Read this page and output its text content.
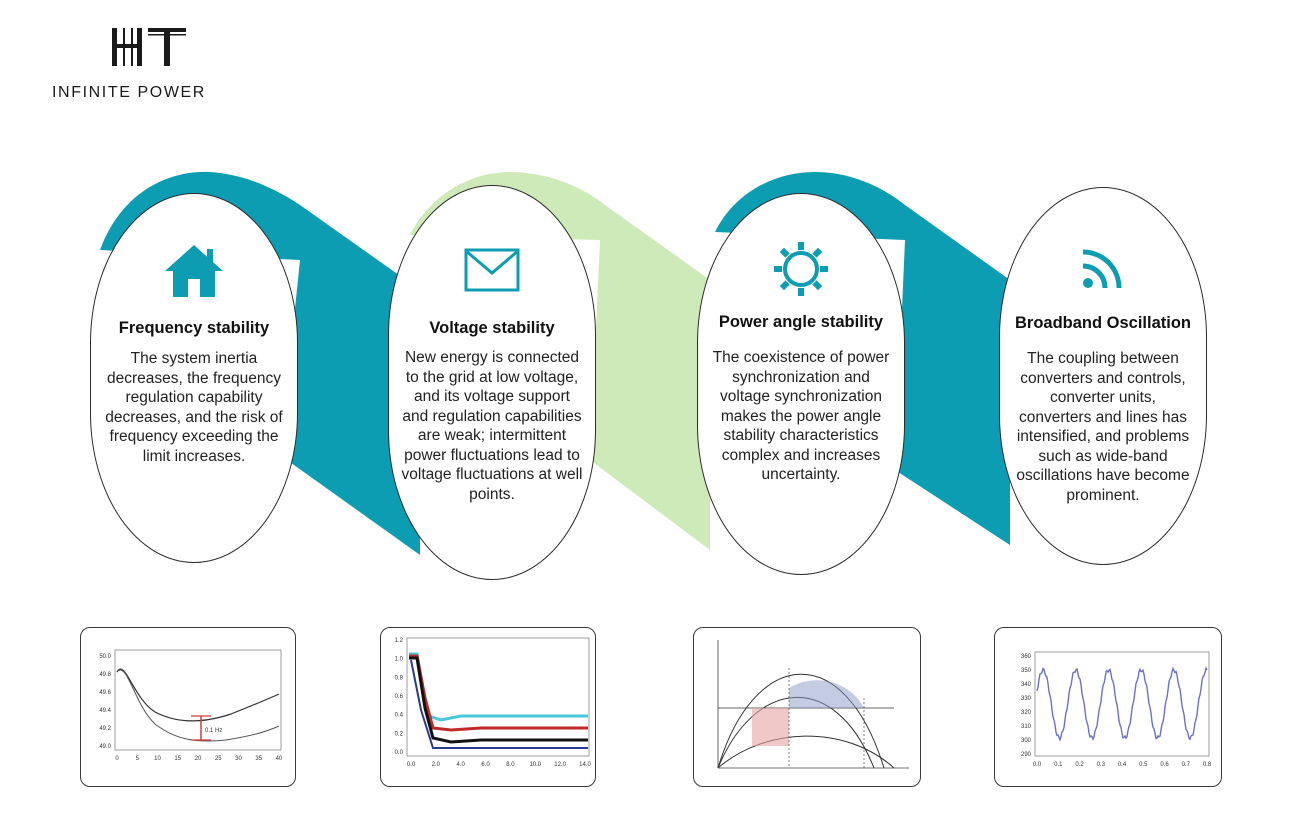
INFINITE POWER
Frequency stability
The system inertia decreases, the frequency regulation capability decreases, and the risk of frequency exceeding the limit increases.
Voltage stability
New energy is connected to the grid at low voltage, and its voltage support and regulation capabilities are weak; intermittent power fluctuations lead to voltage fluctuations at well points.
Power angle stability
The coexistence of power synchronization and voltage synchronization makes the power angle stability characteristics complex and increases uncertainty.
Broadband Oscillation
The coupling between converters and controls, converter units, converters and lines has intensified, and problems such as wide-band oscillations have become prominent.
0	5	10 15 20 25 30 35 40
50.0
49.8
49.6
49.4
49.2
49.0
0.1 Hz
0.0	2.0	4.0	6.0	8.0 10.0 12.0 14.0
1.2
1.0
0.8
0.6
0.4
0.2
0.0
0.0 0.1 0.2 0.3 0.4 0.5 0.6 0.7 0.8
360
350
340
330
320
310
300
290
